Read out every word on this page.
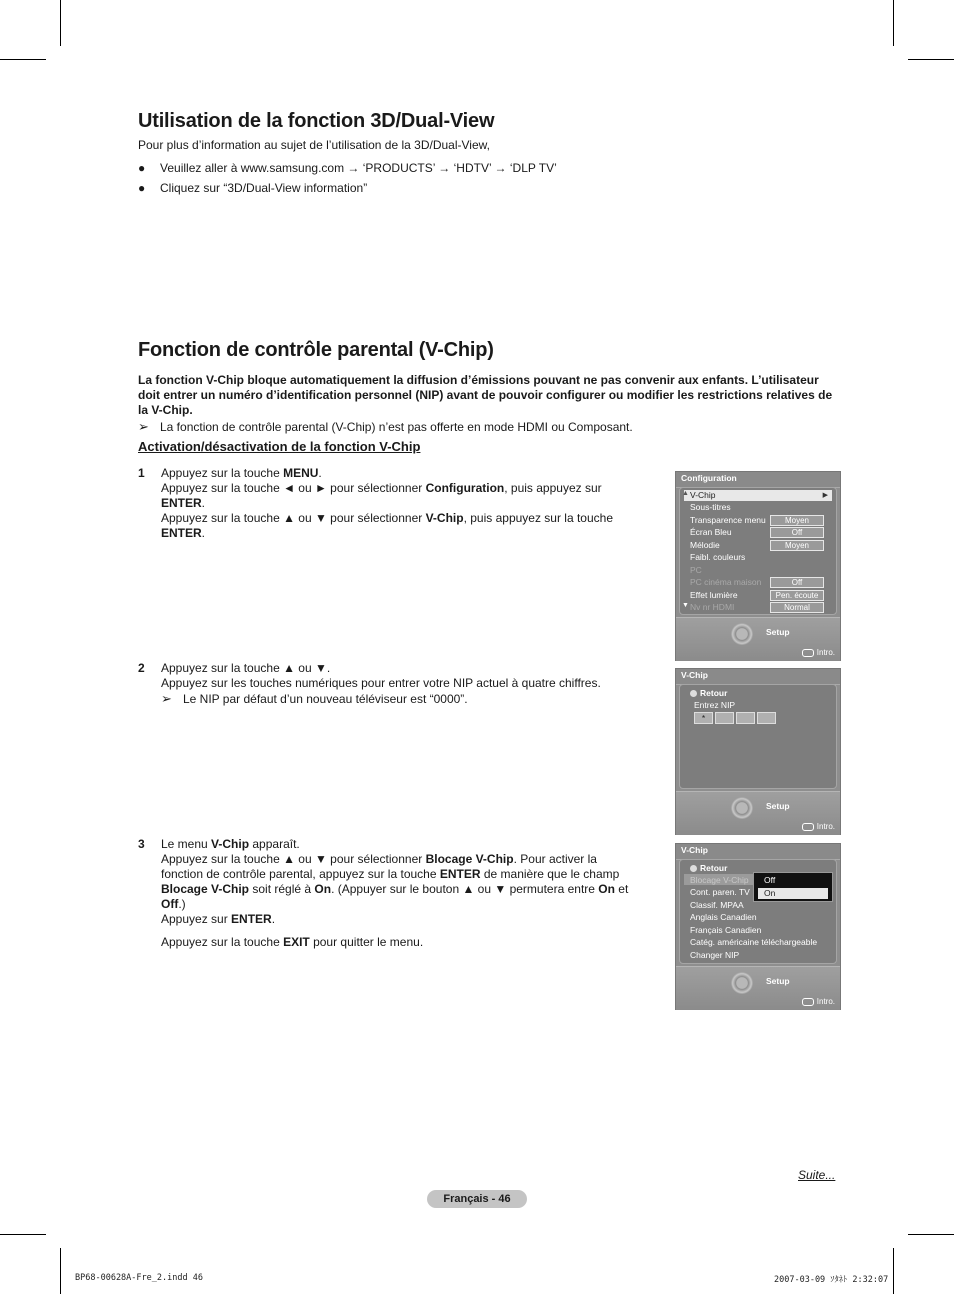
Utilisation de la fonction 3D/Dual-View
Pour plus d’information au sujet de l’utilisation de la 3D/Dual-View,
● Veuillez aller à www.samsung.com → ‘PRODUCTS’ → ‘HDTV’ → ‘DLP TV’
● Cliquez sur “3D/Dual-View information”
Fonction de contrôle parental (V-Chip)
La fonction V-Chip bloque automatiquement la diffusion d’émissions pouvant ne pas convenir aux enfants. L’utilisateur doit entrer un numéro d’identification personnel (NIP) avant de pouvoir configurer ou modifier les restrictions relatives de la V-Chip.
➢ La fonction de contrôle parental (V-Chip) n’est pas offerte en mode HDMI ou Composant.
Activation/désactivation de la fonction V-Chip
1 Appuyez sur la touche MENU.
Appuyez sur la touche ◄ ou ► pour sélectionner Configuration, puis appuyez sur ENTER.
Appuyez sur la touche ▲ ou ▼ pour sélectionner V-Chip, puis appuyez sur la touche ENTER.
2 Appuyez sur la touche ▲ ou ▼.
Appuyez sur les touches numériques pour entrer votre NIP actuel à quatre chiffres.
➢ Le NIP par défaut d’un nouveau téléviseur est “0000”.
3 Le menu V-Chip apparaît.
Appuyez sur la touche ▲ ou ▼ pour sélectionner Blocage V-Chip. Pour activer la fonction de contrôle parental, appuyez sur la touche ENTER de manière que le champ Blocage V-Chip soit réglé à On. (Appuyer sur le bouton ▲ ou ▼ permutera entre On et Off.)
Appuyez sur ENTER.
Appuyez sur la touche EXIT pour quitter le menu.
Configuration
▲	▶
V-Chip
Sous-titres
Transparence menu	Moyen
Écran Bleu	Off
Mélodie	Moyen
Faibl. couleurs
PC
PC cinéma maison	Off
Effet lumière	Pen. écoute
▼ Nv nr HDMI	Normal
Setup
Intro.
V-Chip
Retour
Entrez NIP
*
Setup
Intro.
V-Chip
Retour
Blocage V-Chip
Cont. paren. TV
Classif. MPAA
Anglais Canadien
Français Canadien
Catég. américaine téléchargeable
Changer NIP
Off
On
Setup
Intro.
Suite...
Français - 46
BP68-00628A-Fre_2.indd 46	2007-03-09 ｿﾀﾈﾄ 2:32:07
